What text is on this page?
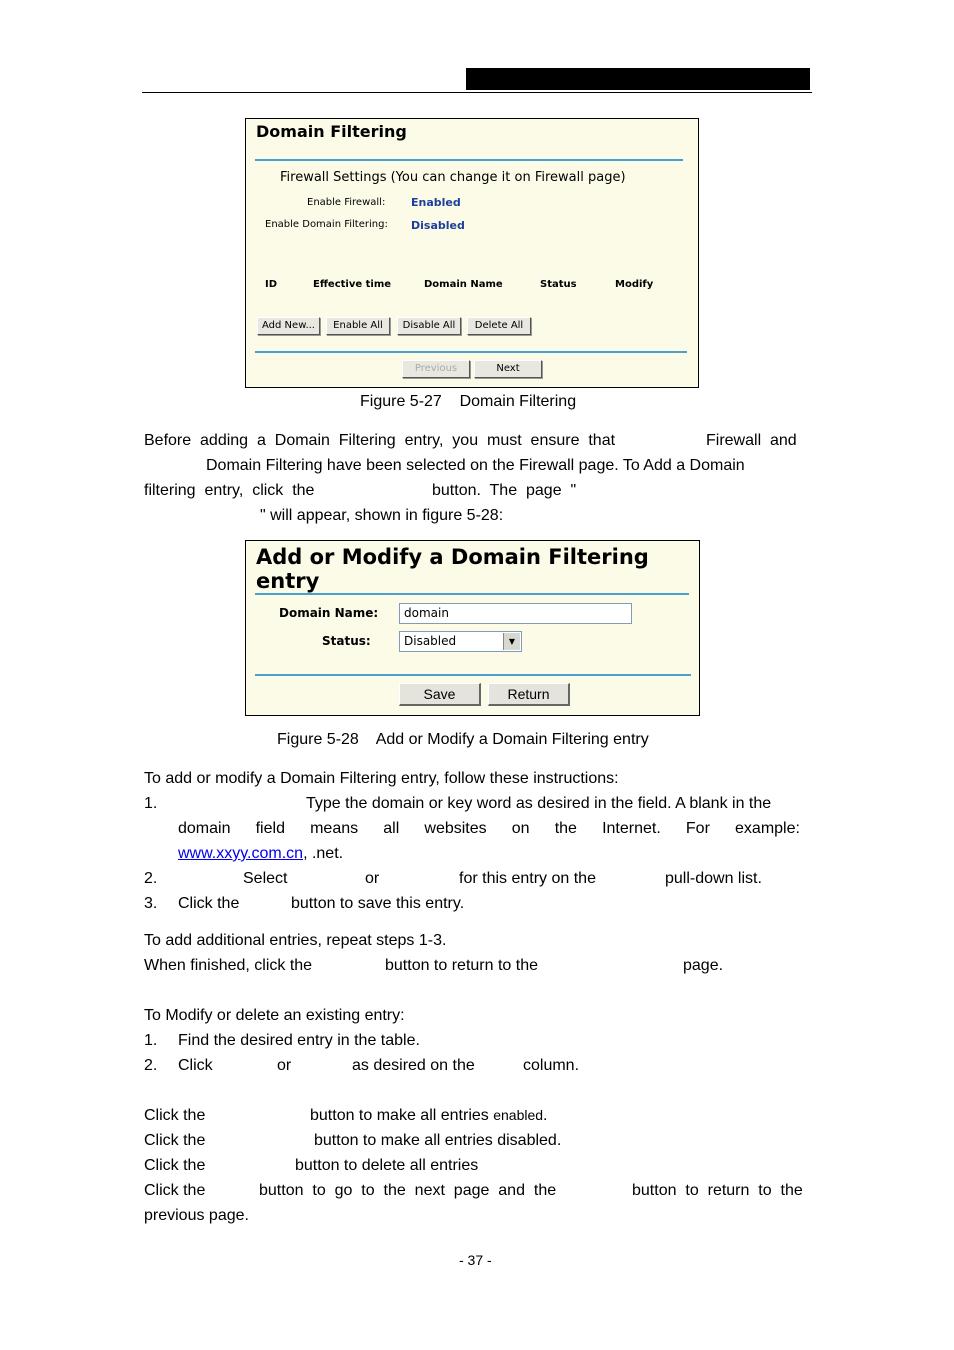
Domain Filtering
Firewall Settings (You can change it on Firewall page)
Enable Firewall: Enabled
Enable Domain Filtering: Disabled
ID	Effective time	Domain Name	Status	Modify
Add New...	Enable All	Disable All	Delete All
Previous	Next
Figure 5-27    Domain Filtering
Before  adding  a  Domain  Filtering  entry,  you  must  ensure  that	Firewall  and
Domain Filtering have been selected on the Firewall page. To Add a Domain
filtering  entry,  click  the	button.  The  page  "
" will appear, shown in figure 5-28:
Add or Modify a Domain Filtering entry
Domain Name:	domain
Status:	Disabled	▼
Save	Return
Figure 5-28    Add or Modify a Domain Filtering entry
To add or modify a Domain Filtering entry, follow these instructions:
1.	Type the domain or key word as desired in the field. A blank in the
domain field means all websites on the Internet. For example:
www.xxyy.com.cn, .net.
2.	Select	or	for this entry on the	pull-down list.
3. Click the	button to save this entry.
To add additional entries, repeat steps 1-3.
When finished, click the	button to return to the	page.
To Modify or delete an existing entry:
1. Find the desired entry in the table.
2. Click	or	as desired on the	column.
Click the	button to make all entries enabled.
Click the	button to make all entries disabled.
Click the	button to delete all entries
Click the	button  to  go  to  the  next  page  and  the	button  to  return  to  the
previous page.
- 37 -
